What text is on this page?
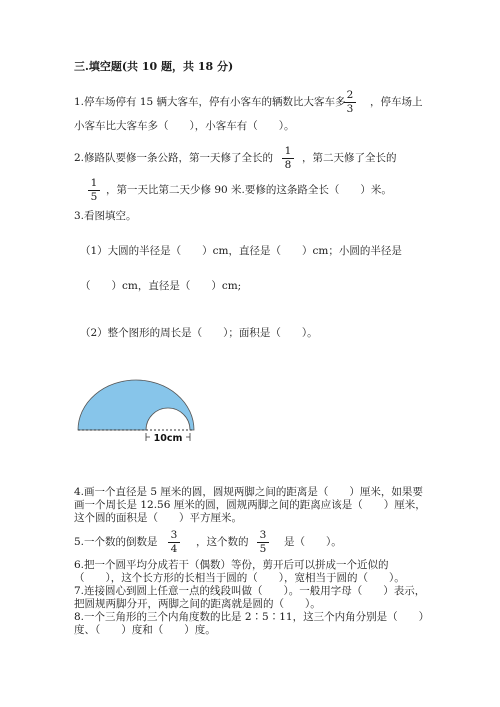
三.填空题(共 10 题，共 18 分)
1.停车场停有 15 辆大客车，停有小客车的辆数比大客车多
2
3
，停车场上
小客车比大客车多（　　），小客车有（　　）。
2.修路队要修一条公路，第一天修了全长的
1
8
，第二天修了全长的
1
5
，第一天比第二天少修 90 米.要修的这条路全长（　　）米。
3.看图填空。
（1）大圆的半径是（　　）cm，直径是（　　）cm；小圆的半径是
（　　）cm，直径是（　　）cm;
（2）整个图形的周长是（　　）；面积是（　　）。
10cm
4.画一个直径是 5 厘米的圆，圆规两脚之间的距离是（　　）厘米，如果要
画一个周长是 12.56 厘米的圆，圆规两脚之间的距离应该是（　　）厘米，
这个圆的面积是（　　）平方厘米。
5.一个数的倒数是
3
4
，这个数的
3
5
是（　　）。
6.把一个圆平均分成若干（偶数）等份，剪开后可以拼成一个近似的
（　　），这个长方形的长相当于圆的（　　），宽相当于圆的（　　）。
7.连接圆心到圆上任意一点的线段叫做（　　）。一般用字母（　　）表示，
把圆规两脚分开，两脚之间的距离就是圆的（　　）。
8.一个三角形的三个内角度数的比是 2∶5∶11，这三个内角分别是（　　）
度、（　　）度和（　　）度。
